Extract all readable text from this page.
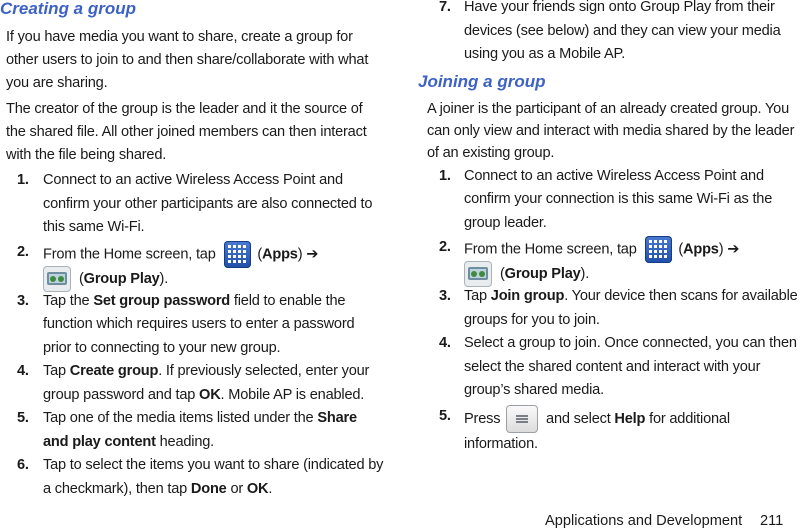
Creating a group

If you have media you want to share, create a group for other users to join to and then share/collaborate with what you are sharing.

The creator of the group is the leader and it the source of the shared file. All other joined members can then interact with the file being shared.

1. Connect to an active Wireless Access Point and confirm your other participants are also connected to this same Wi-Fi.
2. From the Home screen, tap	(Apps) ➔
(Group Play).
3. Tap the Set group password field to enable the function which requires users to enter a password prior to connecting to your new group.
4. Tap Create group. If previously selected, enter your group password and tap OK. Mobile AP is enabled.
5. Tap one of the media items listed under the Share and play content heading.
6. Tap to select the items you want to share (indicated by a checkmark), then tap Done or OK.
7. Have your friends sign onto Group Play from their devices (see below) and they can view your media using you as a Mobile AP.
Joining a group

A joiner is the participant of an already created group. You can only view and interact with media shared by the leader of an existing group.

1. Connect to an active Wireless Access Point and confirm your connection is this same Wi-Fi as the group leader.
2. From the Home screen, tap	(Apps) ➔
(Group Play).
3. Tap Join group. Your device then scans for available groups for you to join.
4. Select a group to join. Once connected, you can then select the shared content and interact with your group’s shared media.
5. Press	and select Help for additional information.
Applications and Development 211
